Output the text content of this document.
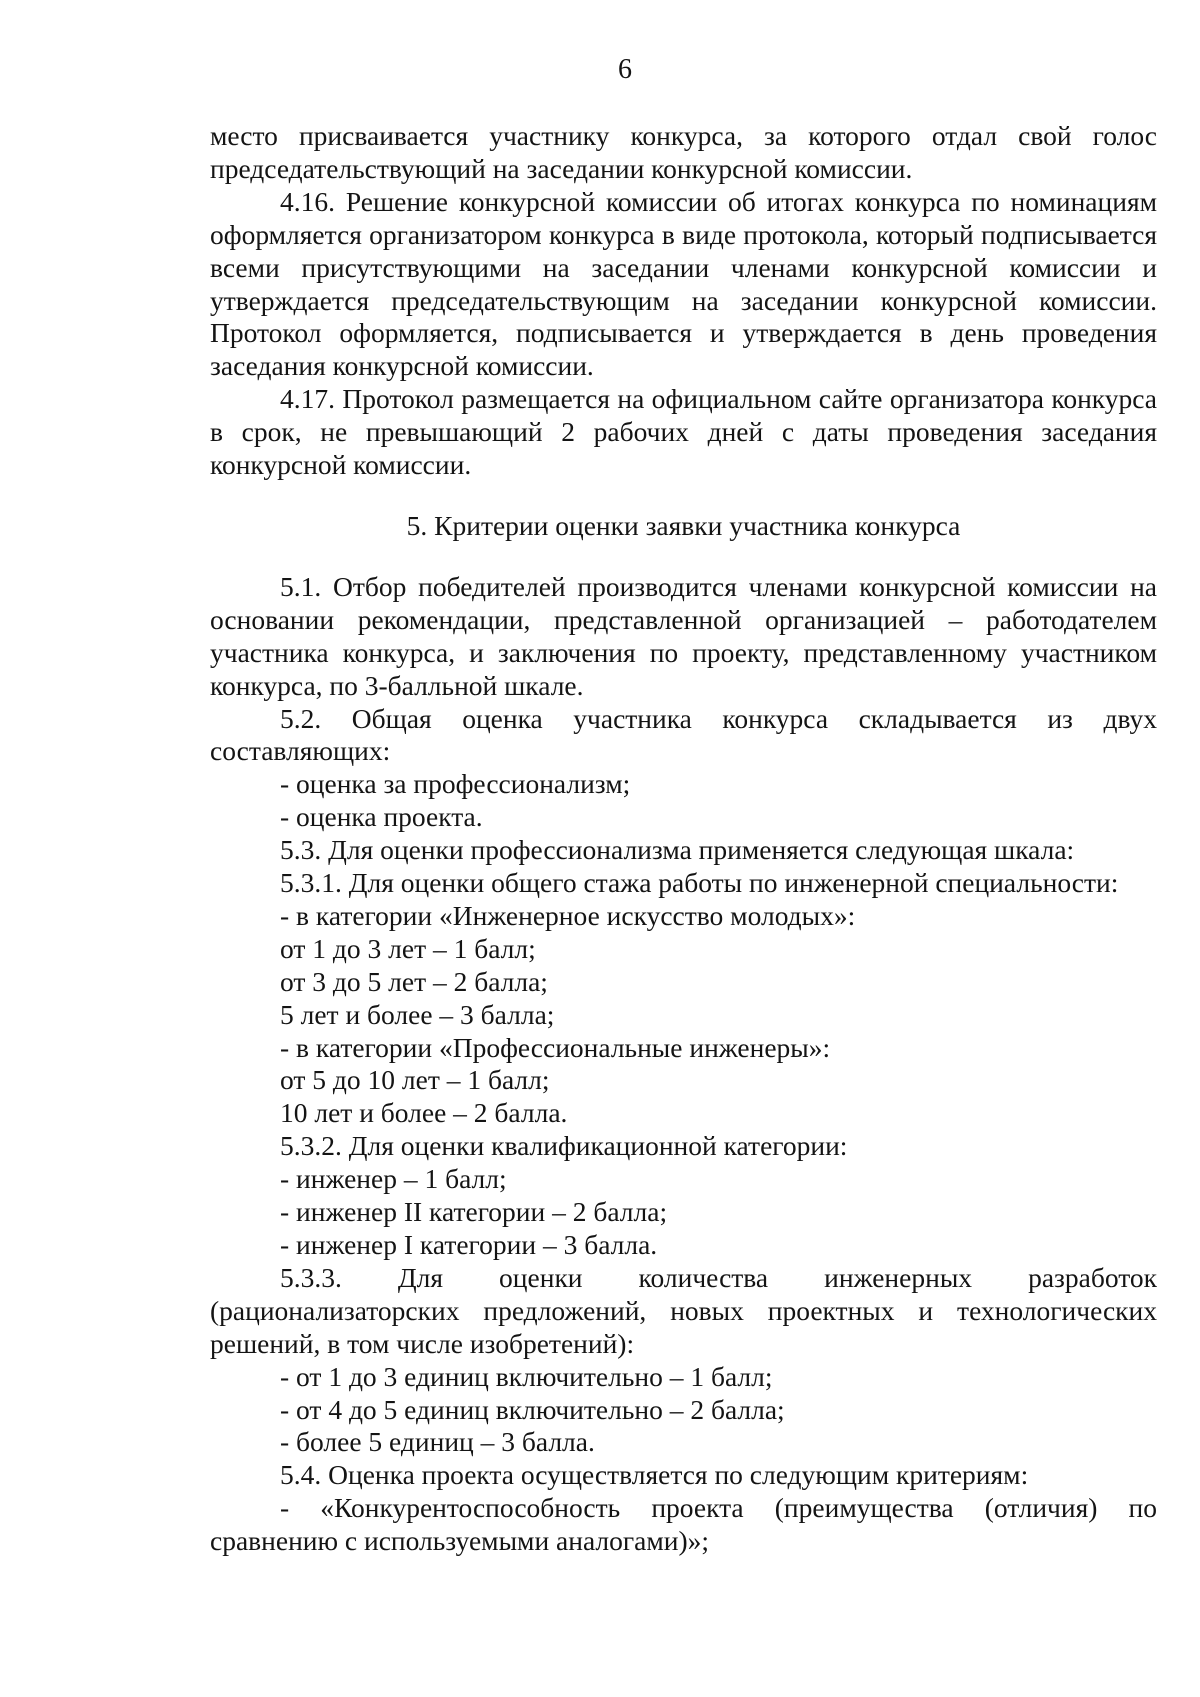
6

место присваивается участнику конкурса, за которого отдал свой голос председательствующий на заседании конкурсной комиссии.

4.16. Решение конкурсной комиссии об итогах конкурса по номинациям оформляется организатором конкурса в виде протокола, который подписывается всеми присутствующими на заседании членами конкурсной комиссии и утверждается председательствующим на заседании конкурсной комиссии. Протокол оформляется, подписывается и утверждается в день проведения заседания конкурсной комиссии.

4.17. Протокол размещается на официальном сайте организатора конкурса в срок, не превышающий 2 рабочих дней с даты проведения заседания конкурсной комиссии.

5. Критерии оценки заявки участника конкурса

5.1. Отбор победителей производится членами конкурсной комиссии на основании рекомендации, представленной организацией – работодателем участника конкурса, и заключения по проекту, представленному участником конкурса, по 3-балльной шкале.

5.2. Общая оценка участника конкурса складывается из двух составляющих:

- оценка за профессионализм;

- оценка проекта.

5.3. Для оценки профессионализма применяется следующая шкала:

5.3.1. Для оценки общего стажа работы по инженерной специальности:

- в категории «Инженерное искусство молодых»:

от 1 до 3 лет – 1 балл;

от 3 до 5 лет – 2 балла;

5 лет и более – 3 балла;

- в категории «Профессиональные инженеры»:

от 5 до 10 лет – 1 балл;

10 лет и более – 2 балла.

5.3.2. Для оценки квалификационной категории:

- инженер – 1 балл;

- инженер II категории – 2 балла;

- инженер I категории – 3 балла.

5.3.3. Для оценки количества инженерных разработок (рационализаторских предложений, новых проектных и технологических решений, в том числе изобретений):

- от 1 до 3 единиц включительно – 1 балл;

- от 4 до 5 единиц включительно – 2 балла;

- более 5 единиц – 3 балла.

5.4. Оценка проекта осуществляется по следующим критериям:

- «Конкурентоспособность проекта (преимущества (отличия) по сравнению с используемыми аналогами)»;
